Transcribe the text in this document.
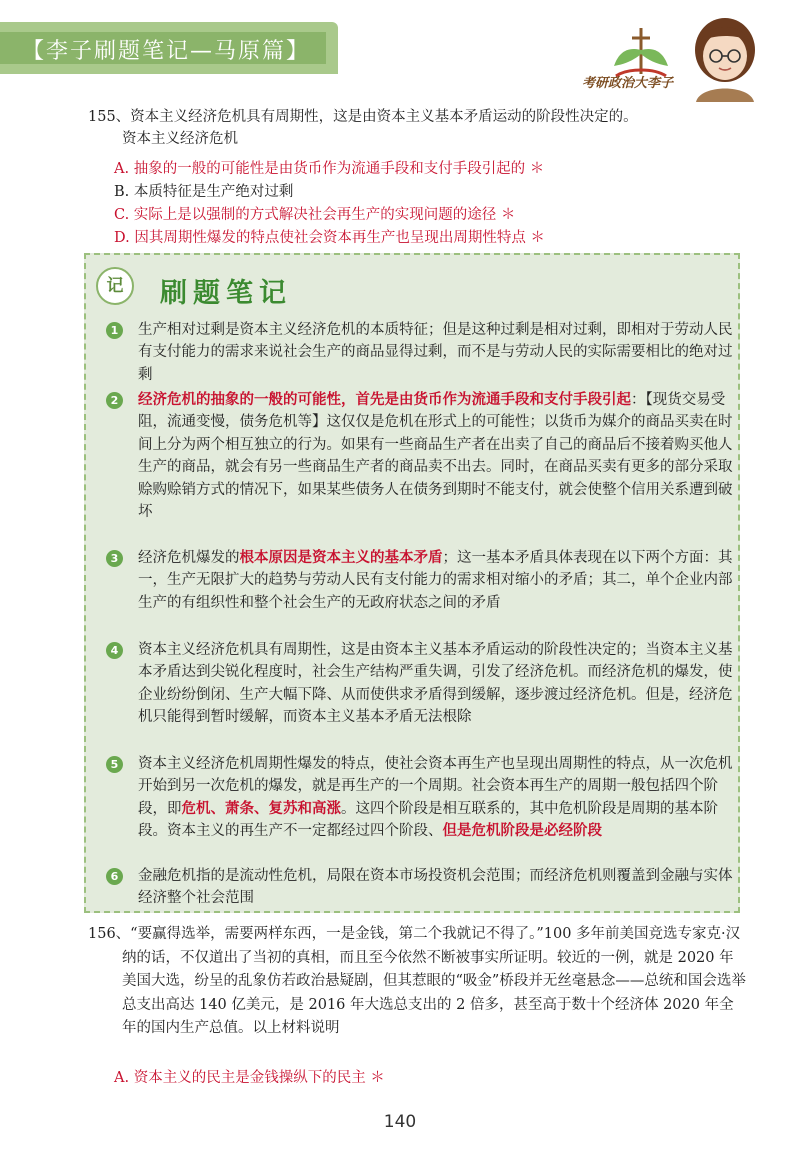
【李子刷题笔记—马原篇】
考研政治大李子
155、资本主义经济危机具有周期性，这是由资本主义基本矛盾运动的阶段性决定的。
资本主义经济危机
A. 抽象的一般的可能性是由货币作为流通手段和支付手段引起的 ＊
B. 本质特征是生产绝对过剩
C. 实际上是以强制的方式解决社会再生产的实现问题的途径 ＊
D. 因其周期性爆发的特点使社会资本再生产也呈现出周期性特点 ＊
记	刷题笔记
1	生产相对过剩是资本主义经济危机的本质特征；但是这种过剩是相对过剩，即相对于劳动人民有支付能力的需求来说社会生产的商品显得过剩，而不是与劳动人民的实际需要相比的绝对过剩
2	经济危机的抽象的一般的可能性，首先是由货币作为流通手段和支付手段引起：【现货交易受阻，流通变慢，债务危机等】这仅仅是危机在形式上的可能性；以货币为媒介的商品买卖在时间上分为两个相互独立的行为。如果有一些商品生产者在出卖了自己的商品后不接着购买他人生产的商品，就会有另一些商品生产者的商品卖不出去。同时，在商品买卖有更多的部分采取赊购赊销方式的情况下，如果某些债务人在债务到期时不能支付，就会使整个信用关系遭到破坏
3	经济危机爆发的根本原因是资本主义的基本矛盾；这一基本矛盾具体表现在以下两个方面：其一，生产无限扩大的趋势与劳动人民有支付能力的需求相对缩小的矛盾；其二，单个企业内部生产的有组织性和整个社会生产的无政府状态之间的矛盾
4	资本主义经济危机具有周期性，这是由资本主义基本矛盾运动的阶段性决定的；当资本主义基本矛盾达到尖锐化程度时，社会生产结构严重失调，引发了经济危机。而经济危机的爆发，使企业纷纷倒闭、生产大幅下降、从而使供求矛盾得到缓解，逐步渡过经济危机。但是，经济危机只能得到暂时缓解，而资本主义基本矛盾无法根除
5	资本主义经济危机周期性爆发的特点，使社会资本再生产也呈现出周期性的特点，从一次危机开始到另一次危机的爆发，就是再生产的一个周期。社会资本再生产的周期一般包括四个阶段，即危机、萧条、复苏和高涨。这四个阶段是相互联系的，其中危机阶段是周期的基本阶段。资本主义的再生产不一定都经过四个阶段、但是危机阶段是必经阶段
6	金融危机指的是流动性危机，局限在资本市场投资机会范围；而经济危机则覆盖到金融与实体经济整个社会范围
156、“要赢得选举，需要两样东西，一是金钱，第二个我就记不得了。”100 多年前美国竞选专家克·汉纳的话，不仅道出了当初的真相，而且至今依然不断被事实所证明。较近的一例，就是 2020 年美国大选，纷呈的乱象仿若政治悬疑剧，但其惹眼的“吸金”桥段并无丝毫悬念——总统和国会选举总支出高达 140 亿美元，是 2016 年大选总支出的 2 倍多，甚至高于数十个经济体 2020 年全年的国内生产总值。以上材料说明
A. 资本主义的民主是金钱操纵下的民主 ＊
140
